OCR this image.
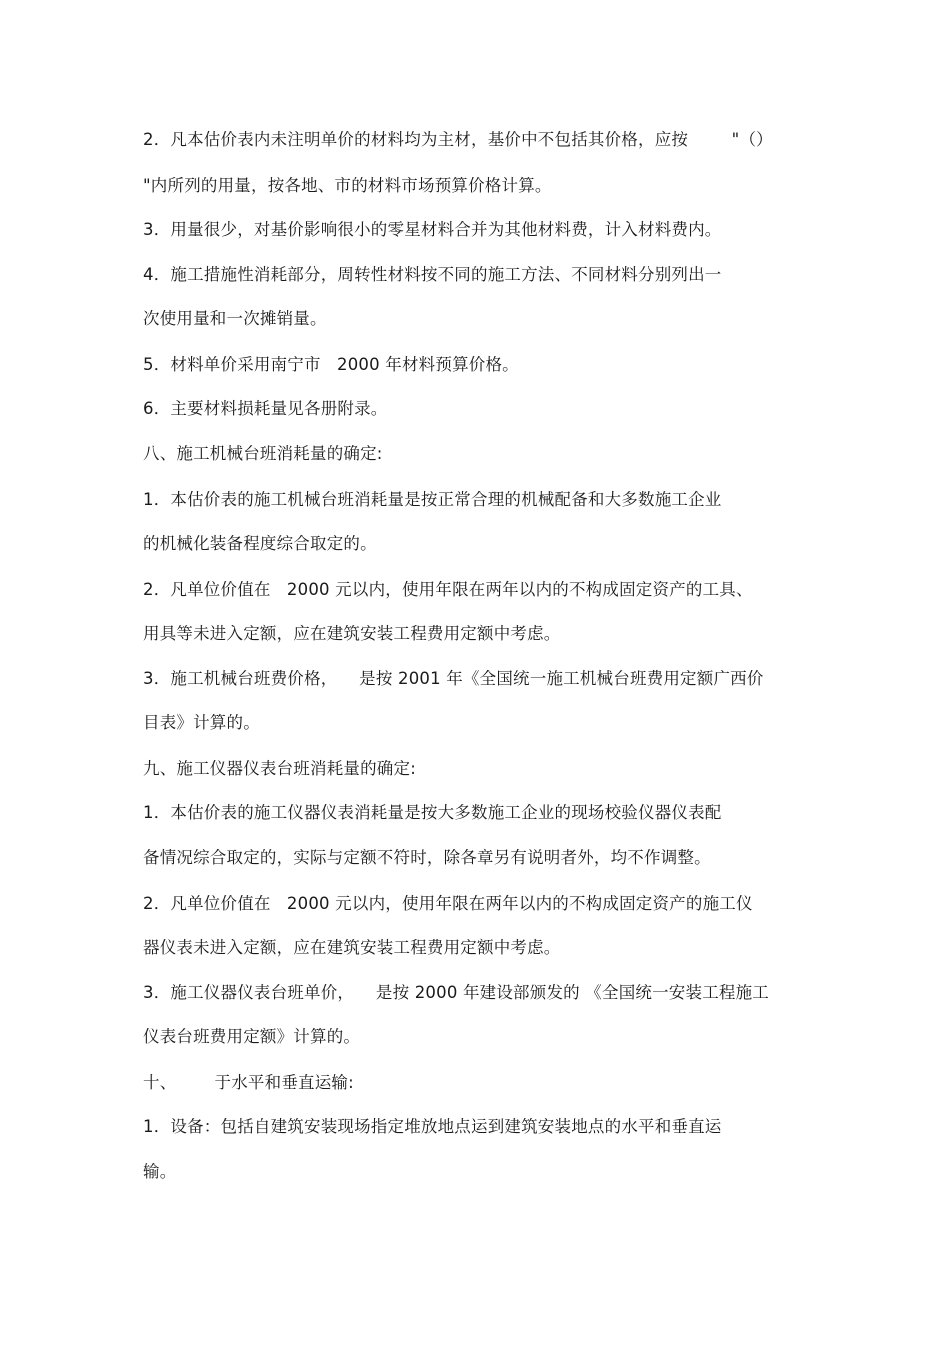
2．凡本估价表内未注明单价的材料均为主材，基价中不包括其价格，应按        "（）
"内所列的用量，按各地、市的材料市场预算价格计算。
3．用量很少，对基价影响很小的零星材料合并为其他材料费，计入材料费内。
4．施工措施性消耗部分，周转性材料按不同的施工方法、不同材料分别列出一
次使用量和一次摊销量。
5．材料单价采用南宁市   2000 年材料预算价格。
6．主要材料损耗量见各册附录。
八、施工机械台班消耗量的确定:
1．本估价表的施工机械台班消耗量是按正常合理的机械配备和大多数施工企业
的机械化装备程度综合取定的。
2．凡单位价值在   2000 元以内，使用年限在两年以内的不构成固定资产的工具、
用具等未进入定额，应在建筑安装工程费用定额中考虑。
3．施工机械台班费价格，    是按 2001 年《全国统一施工机械台班费用定额广西价
目表》计算的。
九、施工仪器仪表台班消耗量的确定:
1．本估价表的施工仪器仪表消耗量是按大多数施工企业的现场校验仪器仪表配
备情况综合取定的，实际与定额不符时，除各章另有说明者外，均不作调整。
2．凡单位价值在   2000 元以内，使用年限在两年以内的不构成固定资产的施工仪
器仪表未进入定额，应在建筑安装工程费用定额中考虑。
3．施工仪器仪表台班单价，    是按 2000 年建设部颁发的 《全国统一安装工程施工
仪表台班费用定额》计算的。
十、       于水平和垂直运输:
1．设备：包括自建筑安装现场指定堆放地点运到建筑安装地点的水平和垂直运
输。
